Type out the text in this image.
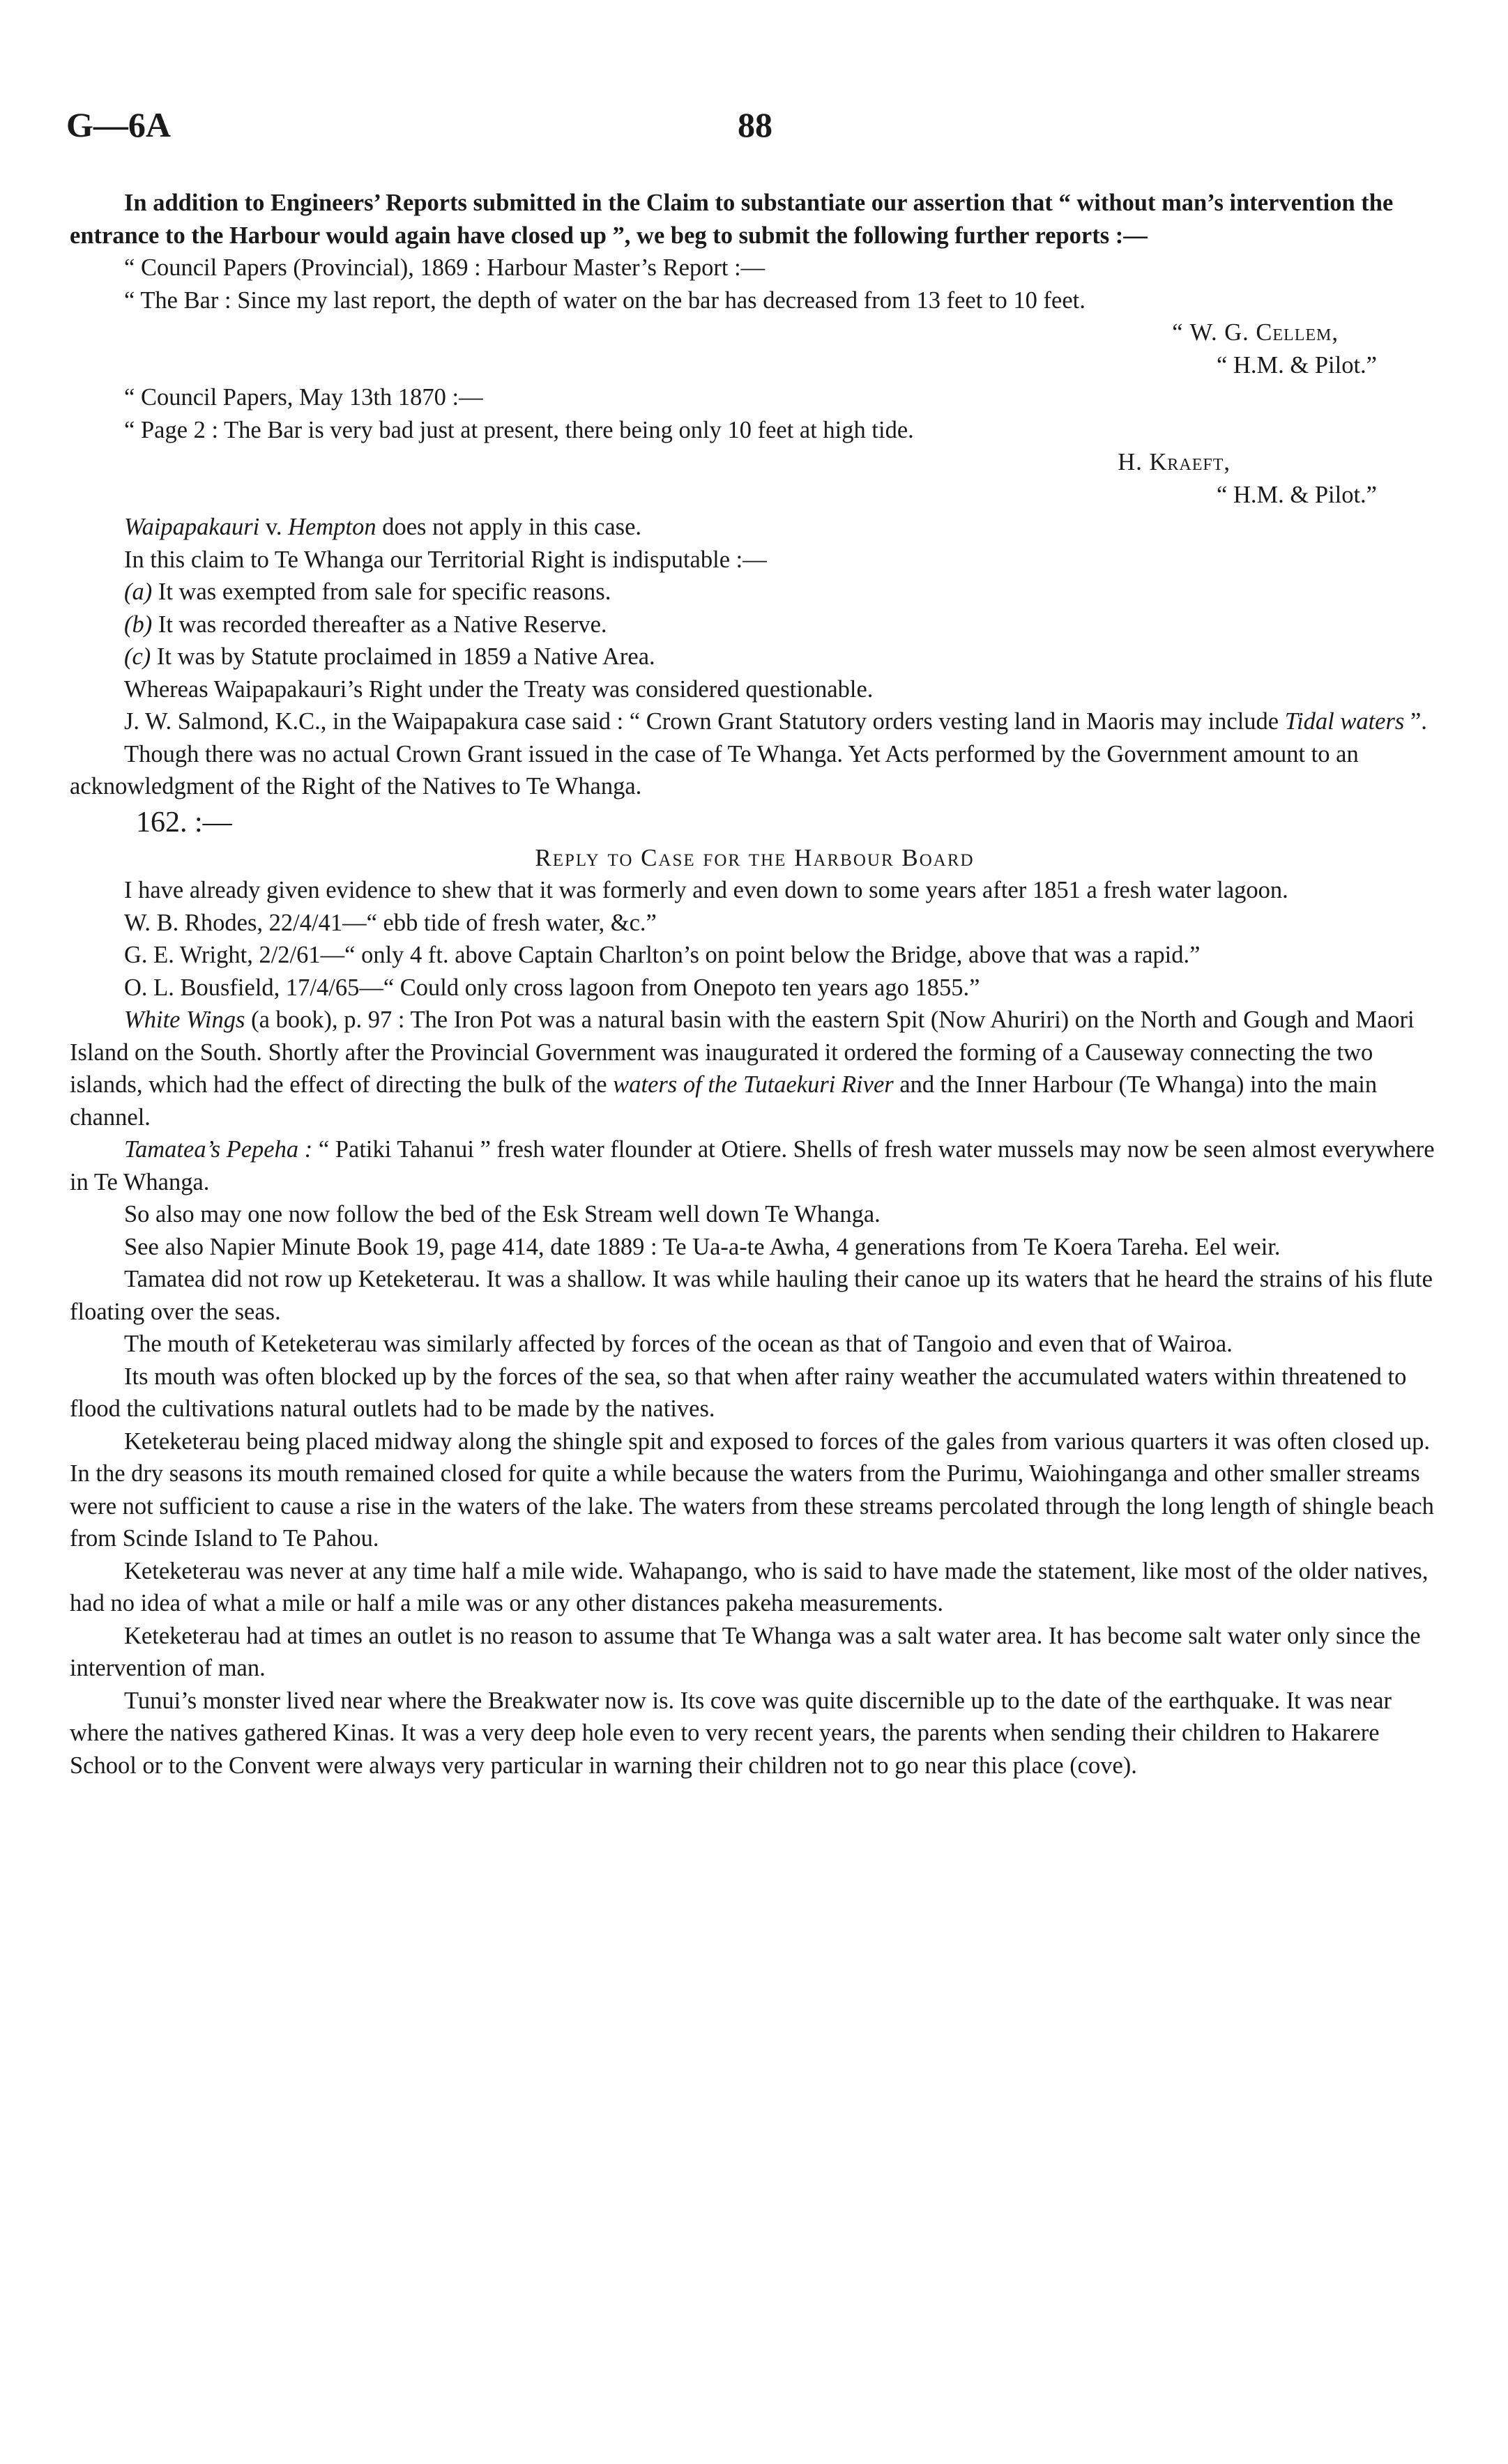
G—6A	88

In addition to Engineers’ Reports submitted in the Claim to substantiate our assertion that “ without man’s intervention the entrance to the Harbour would again have closed up ”, we beg to submit the following further reports :—

“ Council Papers (Provincial), 1869 : Harbour Master’s Report :—

“ The Bar : Since my last report, the depth of water on the bar has decreased from 13 feet to 10 feet.

“ W. G. Cellem,

“ H.M. & Pilot.”

“ Council Papers, May 13th 1870 :—

“ Page 2 : The Bar is very bad just at present, there being only 10 feet at high tide.

H. Kraeft,

“ H.M. & Pilot.”

Waipapakauri v. Hempton does not apply in this case.

In this claim to Te Whanga our Territorial Right is indisputable :—

(a) It was exempted from sale for specific reasons.

(b) It was recorded thereafter as a Native Reserve.

(c) It was by Statute proclaimed in 1859 a Native Area.

Whereas Waipapakauri’s Right under the Treaty was considered questionable.

J. W. Salmond, K.C., in the Waipapakura case said : “ Crown Grant Statutory orders vesting land in Maoris may include Tidal waters ”.

Though there was no actual Crown Grant issued in the case of Te Whanga. Yet Acts performed by the Government amount to an acknowledgment of the Right of the Natives to Te Whanga.

162. :—

Reply to Case for the Harbour Board

I have already given evidence to shew that it was formerly and even down to some years after 1851 a fresh water lagoon.

W. B. Rhodes, 22/4/41—“ ebb tide of fresh water, &c.”

G. E. Wright, 2/2/61—“ only 4 ft. above Captain Charlton’s on point below the Bridge, above that was a rapid.”

O. L. Bousfield, 17/4/65—“ Could only cross lagoon from Onepoto ten years ago 1855.”

White Wings (a book), p. 97 : The Iron Pot was a natural basin with the eastern Spit (Now Ahuriri) on the North and Gough and Maori Island on the South. Shortly after the Provincial Government was inaugurated it ordered the forming of a Causeway connecting the two islands, which had the effect of directing the bulk of the waters of the Tutaekuri River and the Inner Harbour (Te Whanga) into the main channel.

Tamatea’s Pepeha : “ Patiki Tahanui ” fresh water flounder at Otiere. Shells of fresh water mussels may now be seen almost everywhere in Te Whanga.

So also may one now follow the bed of the Esk Stream well down Te Whanga.

See also Napier Minute Book 19, page 414, date 1889 : Te Ua-a-te Awha, 4 generations from Te Koera Tareha. Eel weir.

Tamatea did not row up Keteketerau. It was a shallow. It was while hauling their canoe up its waters that he heard the strains of his flute floating over the seas.

The mouth of Keteketerau was similarly affected by forces of the ocean as that of Tangoio and even that of Wairoa.

Its mouth was often blocked up by the forces of the sea, so that when after rainy weather the accumulated waters within threatened to flood the cultivations natural outlets had to be made by the natives.

Keteketerau being placed midway along the shingle spit and exposed to forces of the gales from various quarters it was often closed up. In the dry seasons its mouth remained closed for quite a while because the waters from the Purimu, Waiohinganga and other smaller streams were not sufficient to cause a rise in the waters of the lake. The waters from these streams percolated through the long length of shingle beach from Scinde Island to Te Pahou.

Keteketerau was never at any time half a mile wide. Wahapango, who is said to have made the statement, like most of the older natives, had no idea of what a mile or half a mile was or any other distances pakeha measurements.

Keteketerau had at times an outlet is no reason to assume that Te Whanga was a salt water area. It has become salt water only since the intervention of man.

Tunui’s monster lived near where the Breakwater now is. Its cove was quite discernible up to the date of the earthquake. It was near where the natives gathered Kinas. It was a very deep hole even to very recent years, the parents when sending their children to Hakarere School or to the Convent were always very particular in warning their children not to go near this place (cove).
